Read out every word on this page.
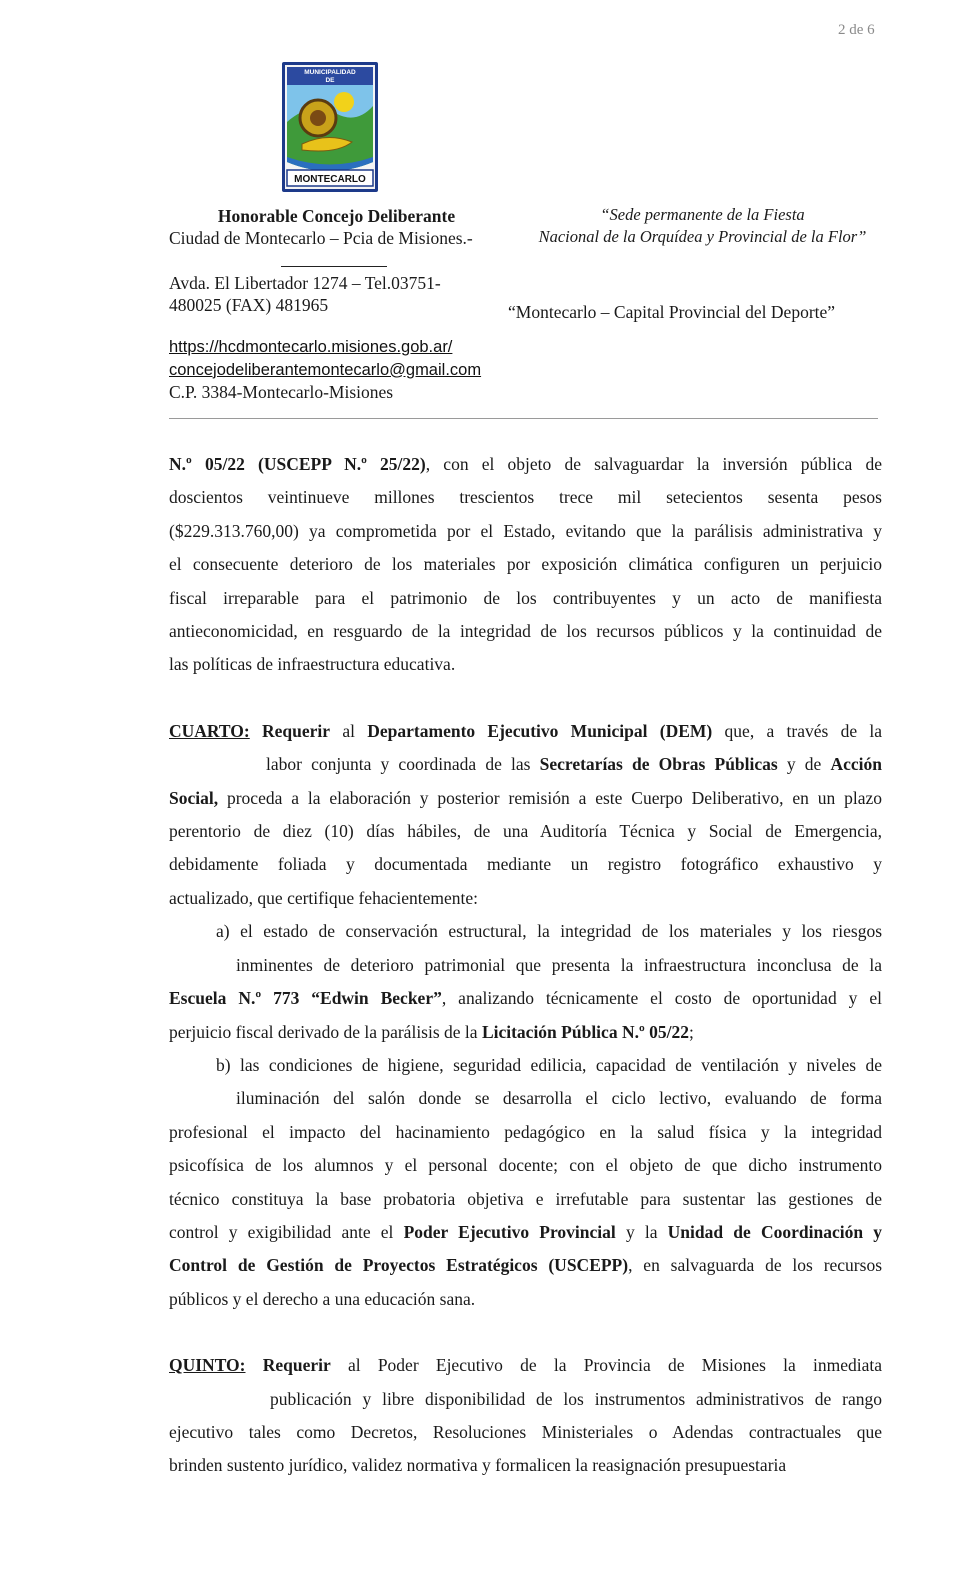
2 de 6
MUNICIPALIDAD
DE
MONTECARLO
Honorable Concejo Deliberante
Ciudad de Montecarlo – Pcia de Misiones.-
Avda. El Libertador 1274 – Tel.03751-
480025 (FAX) 481965
https://hcdmontecarlo.misiones.gob.ar/
concejodeliberantemontecarlo@gmail.com
C.P. 3384-Montecarlo-Misiones
“Sede permanente de la Fiesta
Nacional de la Orquídea y Provincial de la Flor”
“Montecarlo – Capital Provincial del Deporte”
N.º 05/22 (USCEPP N.º 25/22), con el objeto de salvaguardar la inversión pública de
doscientos veintinueve millones trescientos trece mil setecientos sesenta pesos
($229.313.760,00) ya comprometida por el Estado, evitando que la parálisis administrativa y
el consecuente deterioro de los materiales por exposición climática configuren un perjuicio
fiscal irreparable para el patrimonio de los contribuyentes y un acto de manifiesta
antieconomicidad, en resguardo de la integridad de los recursos públicos y la continuidad de
las políticas de infraestructura educativa.
CUARTO: Requerir al Departamento Ejecutivo Municipal (DEM) que, a través de la
labor conjunta y coordinada de las Secretarías de Obras Públicas y de Acción
Social, proceda a la elaboración y posterior remisión a este Cuerpo Deliberativo, en un plazo
perentorio de diez (10) días hábiles, de una Auditoría Técnica y Social de Emergencia,
debidamente foliada y documentada mediante un registro fotográfico exhaustivo y
actualizado, que certifique fehacientemente:
a) el estado de conservación estructural, la integridad de los materiales y los riesgos
inminentes de deterioro patrimonial que presenta la infraestructura inconclusa de la
Escuela N.º 773 “Edwin Becker”, analizando técnicamente el costo de oportunidad y el
perjuicio fiscal derivado de la parálisis de la Licitación Pública N.º 05/22;
b) las condiciones de higiene, seguridad edilicia, capacidad de ventilación y niveles de
iluminación del salón donde se desarrolla el ciclo lectivo, evaluando de forma
profesional el impacto del hacinamiento pedagógico en la salud física y la integridad
psicofísica de los alumnos y el personal docente; con el objeto de que dicho instrumento
técnico constituya la base probatoria objetiva e irrefutable para sustentar las gestiones de
control y exigibilidad ante el Poder Ejecutivo Provincial y la Unidad de Coordinación y
Control de Gestión de Proyectos Estratégicos (USCEPP), en salvaguarda de los recursos
públicos y el derecho a una educación sana.
QUINTO: Requerir al Poder Ejecutivo de la Provincia de Misiones la inmediata
publicación y libre disponibilidad de los instrumentos administrativos de rango
ejecutivo tales como Decretos, Resoluciones Ministeriales o Adendas contractuales que
brinden sustento jurídico, validez normativa y formalicen la reasignación presupuestaria
